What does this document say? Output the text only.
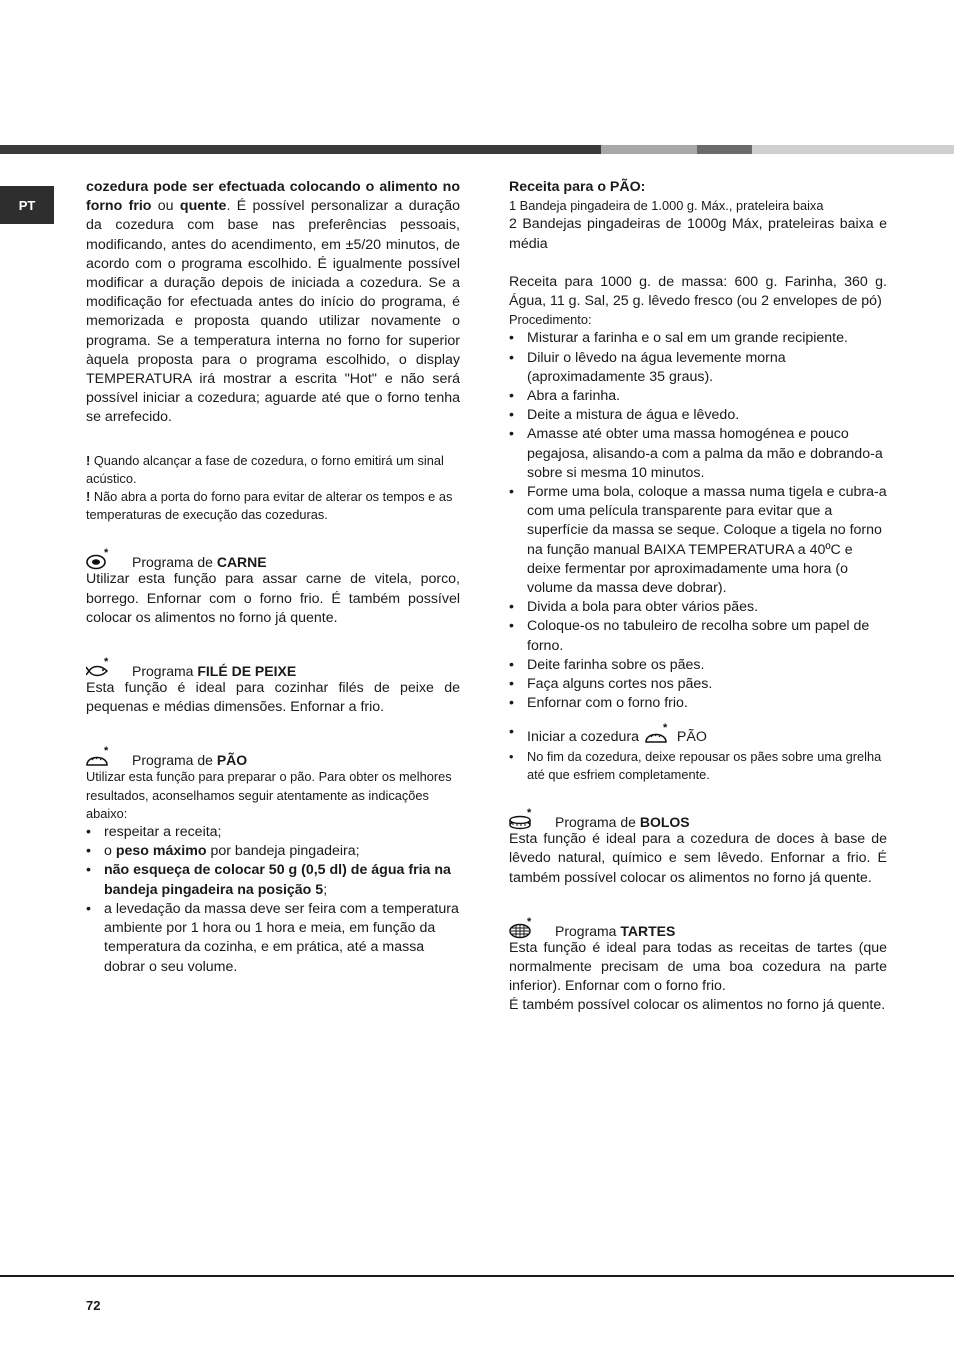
PT

cozedura pode ser efectuada colocando o alimento no forno frio ou quente. É possível personalizar a duração da cozedura com base nas preferências pessoais, modificando, antes do acendimento, em ±5/20 minutos, de acordo com o programa escolhido. É igualmente possível modificar a duração depois de iniciada a cozedura. Se a modificação for efectuada antes do início do programa, é memorizada e proposta quando utilizar novamente o programa. Se a temperatura interna no forno for superior àquela proposta para o programa escolhido, o display TEMPERATURA irá mostrar a escrita "Hot" e não será possível iniciar a cozedura; aguarde até que o forno tenha se arrefecido.

! Quando alcançar a fase de cozedura, o forno emitirá um sinal acústico.

! Não abra a porta do forno para evitar de alterar os tempos e as temperaturas de execução das cozeduras.

*
Programa de CARNE

Utilizar esta função para assar carne de vitela, porco, borrego. Enfornar com o forno frio. É também possível colocar os alimentos no forno já quente.

*
Programa FILÉ DE PEIXE

Esta função é ideal para cozinhar filés de peixe de pequenas e médias dimensões. Enfornar a frio.

*
Programa de PÃO

Utilizar esta função para preparar o pão. Para obter os melhores resultados, aconselhamos seguir atentamente as indicações abaixo:

• respeitar a receita;
• o peso máximo por bandeja pingadeira;
• não esqueça de colocar 50 g (0,5 dl) de água fria na bandeja pingadeira na posição 5;
• a levedação da massa deve ser feira com a temperatura ambiente por 1 hora ou 1 hora e meia, em função da temperatura da cozinha, e em prática, até a massa dobrar o seu volume.

Receita para o PÃO:

1 Bandeja pingadeira de 1.000 g. Máx., prateleira baixa

2 Bandejas pingadeiras de 1000g Máx, prateleiras baixa e média

Receita para 1000 g. de massa: 600 g. Farinha, 360 g. Água, 11 g. Sal, 25 g. lêvedo fresco (ou 2 envelopes de pó)

Procedimento:

• Misturar a farinha e o sal em um grande recipiente.
• Diluir o lêvedo na água levemente morna (aproximadamente 35 graus).
• Abra a farinha.
• Deite a mistura de água e lêvedo.
• Amasse até obter uma massa homogénea e pouco pegajosa, alisando-a com a palma da mão e dobrando-a sobre si mesma 10 minutos.
• Forme uma bola, coloque a massa numa tigela e cubra-a com uma película transparente para evitar que a superfície da massa se seque. Coloque a tigela no forno na função manual BAIXA TEMPERATURA a 40ºC e deixe fermentar por aproximadamente uma hora (o volume da massa deve dobrar).
• Divida a bola para obter vários pães.
• Coloque-os no tabuleiro de recolha sobre um papel de forno.
• Deite farinha sobre os pães.
• Faça alguns cortes nos pães.
• Enfornar com o forno frio.
• Iniciar a cozedura
*
PÃO
• No fim da cozedura, deixe repousar os pães sobre uma grelha até que esfriem completamente.
*
Programa de BOLOS

Esta função é ideal para a cozedura de doces à base de lêvedo natural, químico e sem lêvedo. Enfornar a frio. É também possível colocar os alimentos no forno já quente.

*
Programa TARTES

Esta função é ideal para todas as receitas de tartes (que normalmente precisam de uma boa cozedura na parte inferior). Enfornar com o forno frio.

É também possível colocar os alimentos no forno já quente.

72
